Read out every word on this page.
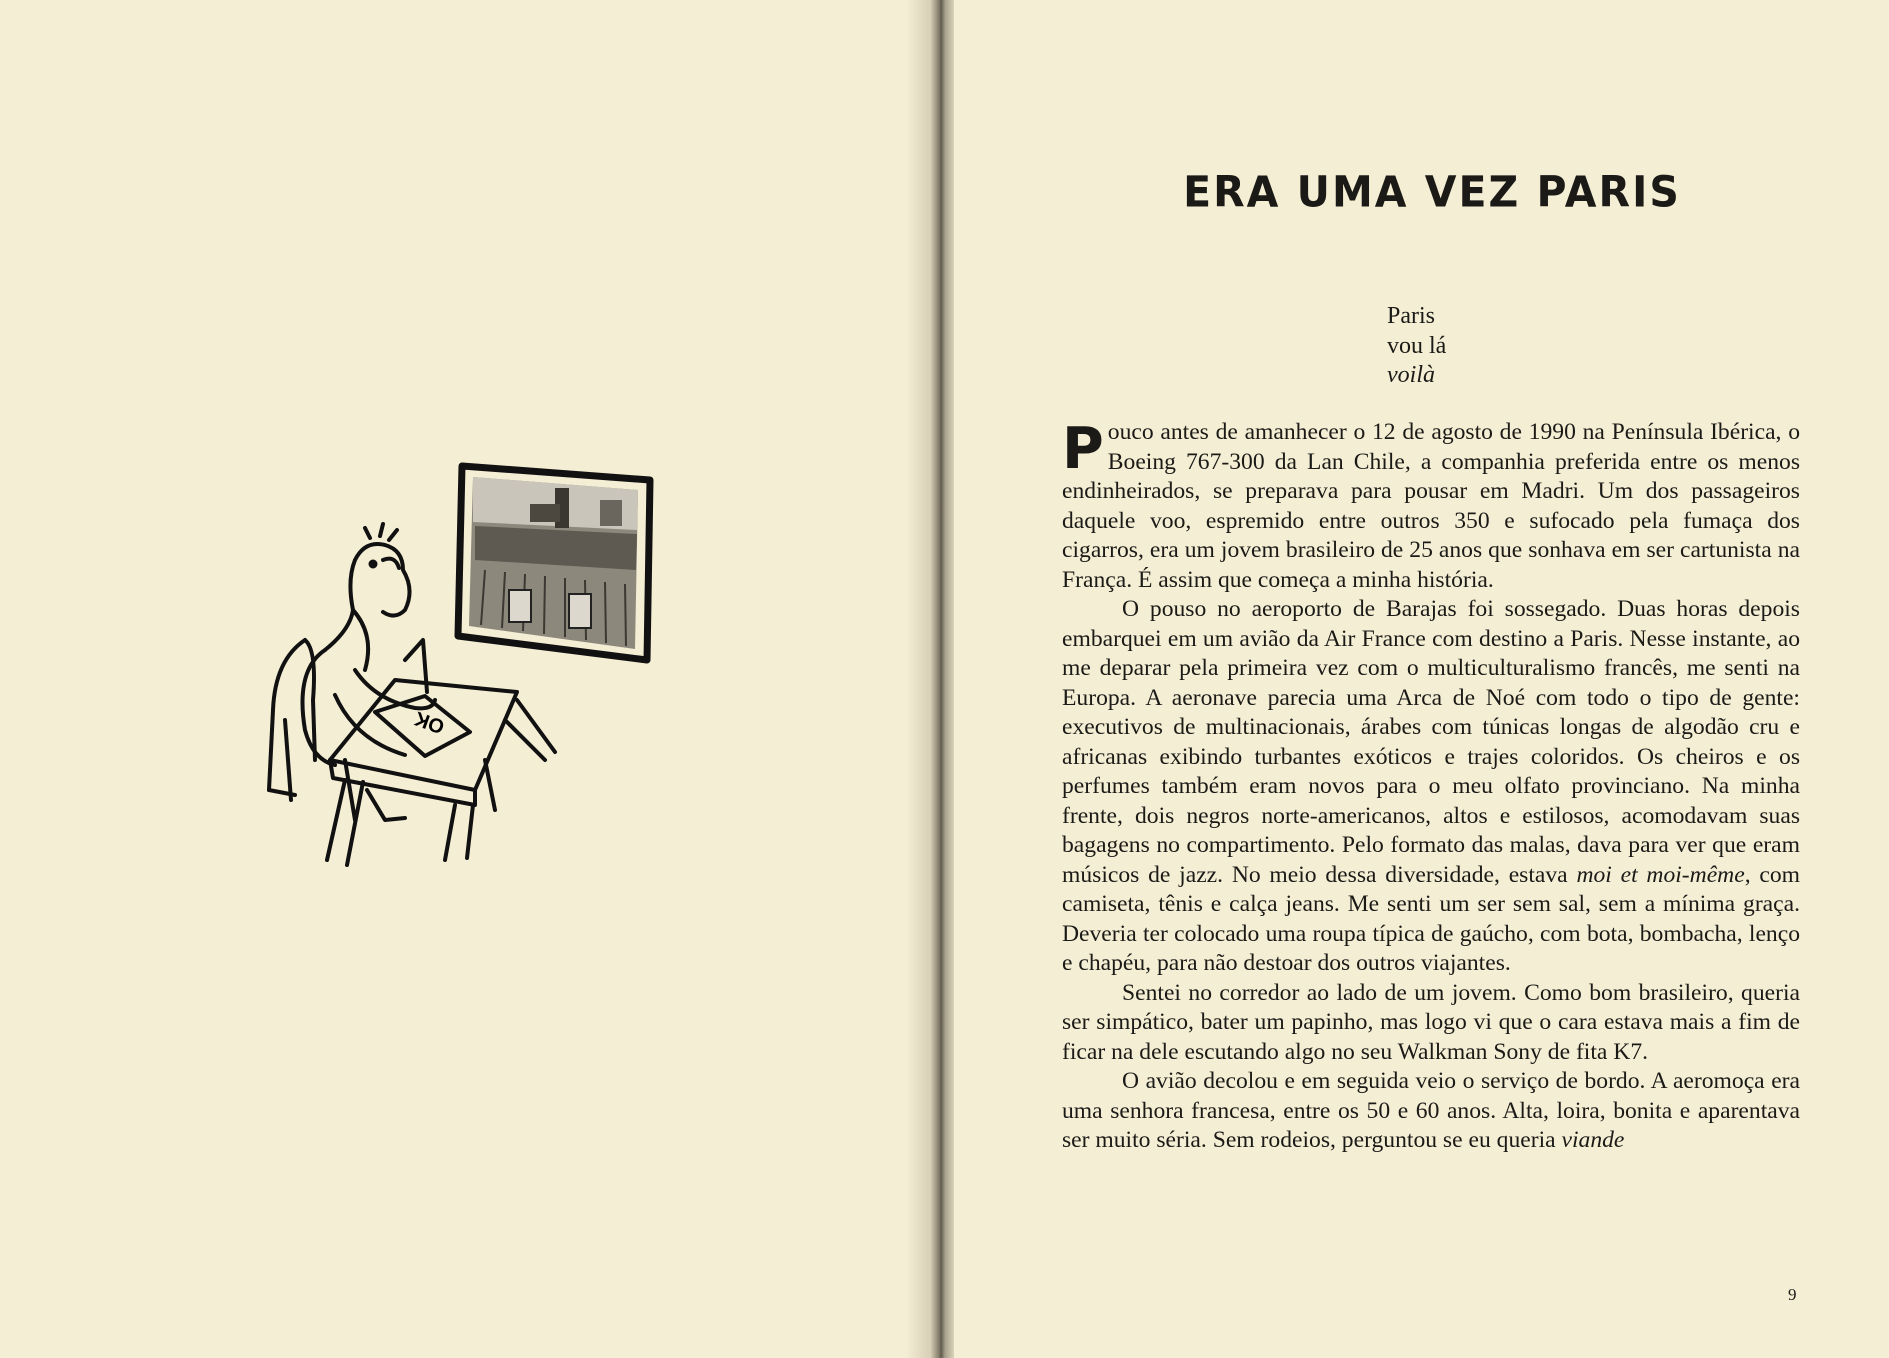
OK
ERA UMA VEZ PARIS
Paris
vou lá
voilà

Pouco antes de amanhecer o 12 de agosto de 1990 na Península Ibérica, o Boeing 767-300 da Lan Chile, a companhia preferida entre os menos endinheirados, se preparava para pousar em Madri. Um dos passageiros daquele voo, espremido entre outros 350 e sufocado pela fumaça dos cigarros, era um jovem brasileiro de 25 anos que sonhava em ser cartunista na França. É assim que começa a minha história.

O pouso no aeroporto de Barajas foi sossegado. Duas horas depois embarquei em um avião da Air France com destino a Paris. Nesse instante, ao me deparar pela primeira vez com o multiculturalismo francês, me senti na Europa. A aeronave parecia uma Arca de Noé com todo o tipo de gente: executivos de multinacionais, árabes com túnicas longas de algodão cru e africanas exibindo turbantes exóticos e trajes coloridos. Os cheiros e os perfumes também eram novos para o meu olfato provinciano. Na minha frente, dois negros norte-americanos, altos e estilosos, acomodavam suas bagagens no compartimento. Pelo formato das malas, dava para ver que eram músicos de jazz. No meio dessa diversidade, estava moi et moi-même, com camiseta, tênis e calça jeans. Me senti um ser sem sal, sem a mínima graça. Deveria ter colocado uma roupa típica de gaúcho, com bota, bombacha, lenço e chapéu, para não destoar dos outros viajantes.

Sentei no corredor ao lado de um jovem. Como bom brasileiro, queria ser simpático, bater um papinho, mas logo vi que o cara estava mais a fim de ficar na dele escutando algo no seu Walkman Sony de fita K7.

O avião decolou e em seguida veio o serviço de bordo. A aeromoça era uma senhora francesa, entre os 50 e 60 anos. Alta, loira, bonita e aparentava ser muito séria. Sem rodeios, perguntou se eu queria viande

9
